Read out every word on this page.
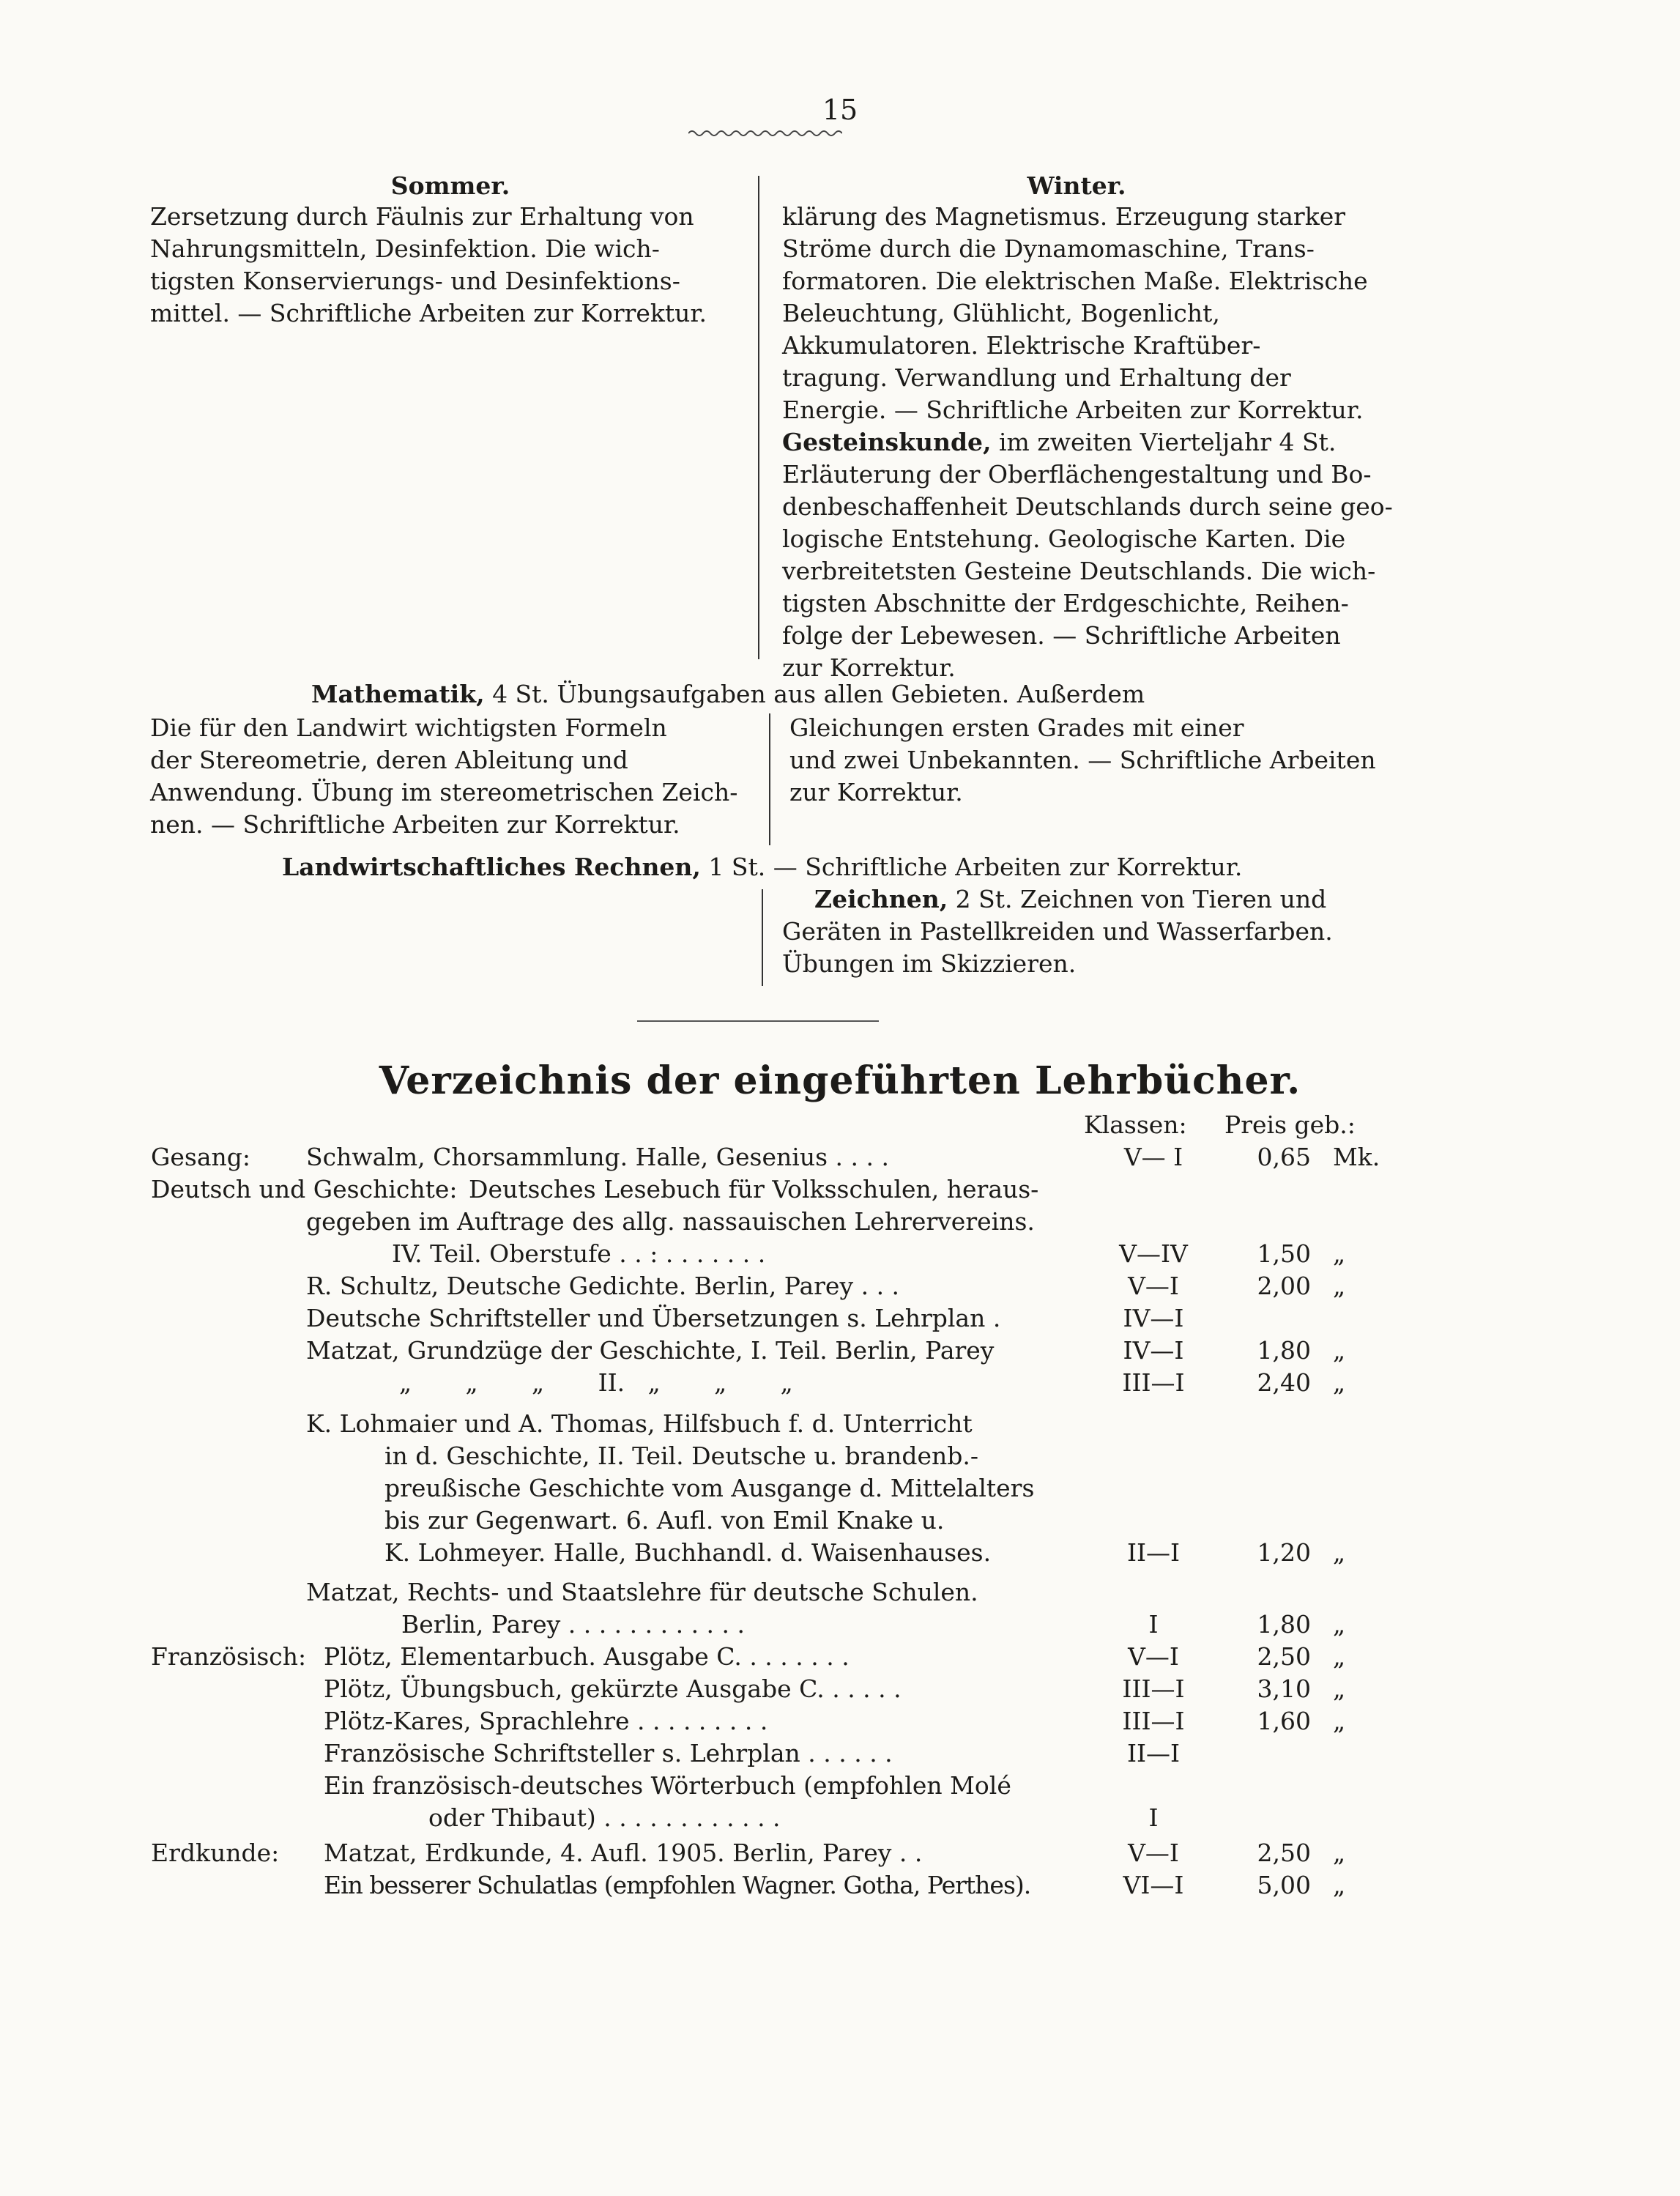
15
Sommer.	Winter.
Zersetzung durch Fäulnis zur Erhaltung von
Nahrungsmitteln, Desinfektion. Die wich-
tigsten Konservierungs- und Desinfektions-
mittel. — Schriftliche Arbeiten zur Korrektur.
klärung des Magnetismus. Erzeugung starker
Ströme durch die Dynamomaschine, Trans-
formatoren. Die elektrischen Maße. Elektrische
Beleuchtung, Glühlicht, Bogenlicht,
Akkumulatoren. Elektrische Kraftüber-
tragung. Verwandlung und Erhaltung der
Energie. — Schriftliche Arbeiten zur Korrektur.
Gesteinskunde, im zweiten Vierteljahr 4 St.
Erläuterung der Oberflächengestaltung und Bo-
denbeschaffenheit Deutschlands durch seine geo-
logische Entstehung. Geologische Karten. Die
verbreitetsten Gesteine Deutschlands. Die wich-
tigsten Abschnitte der Erdgeschichte, Reihen-
folge der Lebewesen. — Schriftliche Arbeiten
zur Korrektur.
Mathematik, 4 St. Übungsaufgaben aus allen Gebieten. Außerdem
Die für den Landwirt wichtigsten Formeln
der Stereometrie, deren Ableitung und
Anwendung. Übung im stereometrischen Zeich-
nen. — Schriftliche Arbeiten zur Korrektur.
Gleichungen ersten Grades mit einer
und zwei Unbekannten. — Schriftliche Arbeiten
zur Korrektur.
Landwirtschaftliches Rechnen, 1 St. — Schriftliche Arbeiten zur Korrektur.
Zeichnen, 2 St. Zeichnen von Tieren und
Geräten in Pastellkreiden und Wasserfarben.
Übungen im Skizzieren.
Verzeichnis der eingeführten Lehrbücher.
Klassen: Preis geb.:
Gesang: Schwalm, Chorsammlung. Halle, Gesenius . . . .	V— I	0,65 Mk.
Deutsch und Geschichte: Deutsches Lesebuch für Volksschulen, heraus-
gegeben im Auftrage des allg. nassauischen Lehrervereins.
IV. Teil. Oberstufe . . : . . . . . . .	V—IV	1,50 „
R. Schultz, Deutsche Gedichte. Berlin, Parey . . .	V—I	2,00 „
Deutsche Schriftsteller und Übersetzungen s. Lehrplan .	IV—I
Matzat, Grundzüge der Geschichte, I. Teil. Berlin, Parey	IV—I	1,80 „
„       „       „       II.   „       „       „	III—I	2,40 „
K. Lohmaier und A. Thomas, Hilfsbuch f. d. Unterricht
in d. Geschichte, II. Teil. Deutsche u. brandenb.-
preußische Geschichte vom Ausgange d. Mittelalters
bis zur Gegenwart. 6. Aufl. von Emil Knake u.
K. Lohmeyer. Halle, Buchhandl. d. Waisenhauses.	II—I	1,20 „
Matzat, Rechts- und Staatslehre für deutsche Schulen.
Berlin, Parey . . . . . . . . . . . .	I	1,80 „
Französisch: Plötz, Elementarbuch. Ausgabe C. . . . . . . .	V—I	2,50 „
Plötz, Übungsbuch, gekürzte Ausgabe C. . . . . .	III—I	3,10 „
Plötz-Kares, Sprachlehre . . . . . . . . .	III—I	1,60 „
Französische Schriftsteller s. Lehrplan . . . . . .	II—I
Ein französisch-deutsches Wörterbuch (empfohlen Molé
oder Thibaut) . . . . . . . . . . . .	I
Erdkunde: Matzat, Erdkunde, 4. Aufl. 1905. Berlin, Parey . .	V—I	2,50 „
Ein besserer Schulatlas (empfohlen Wagner. Gotha, Perthes).	VI—I	5,00 „
